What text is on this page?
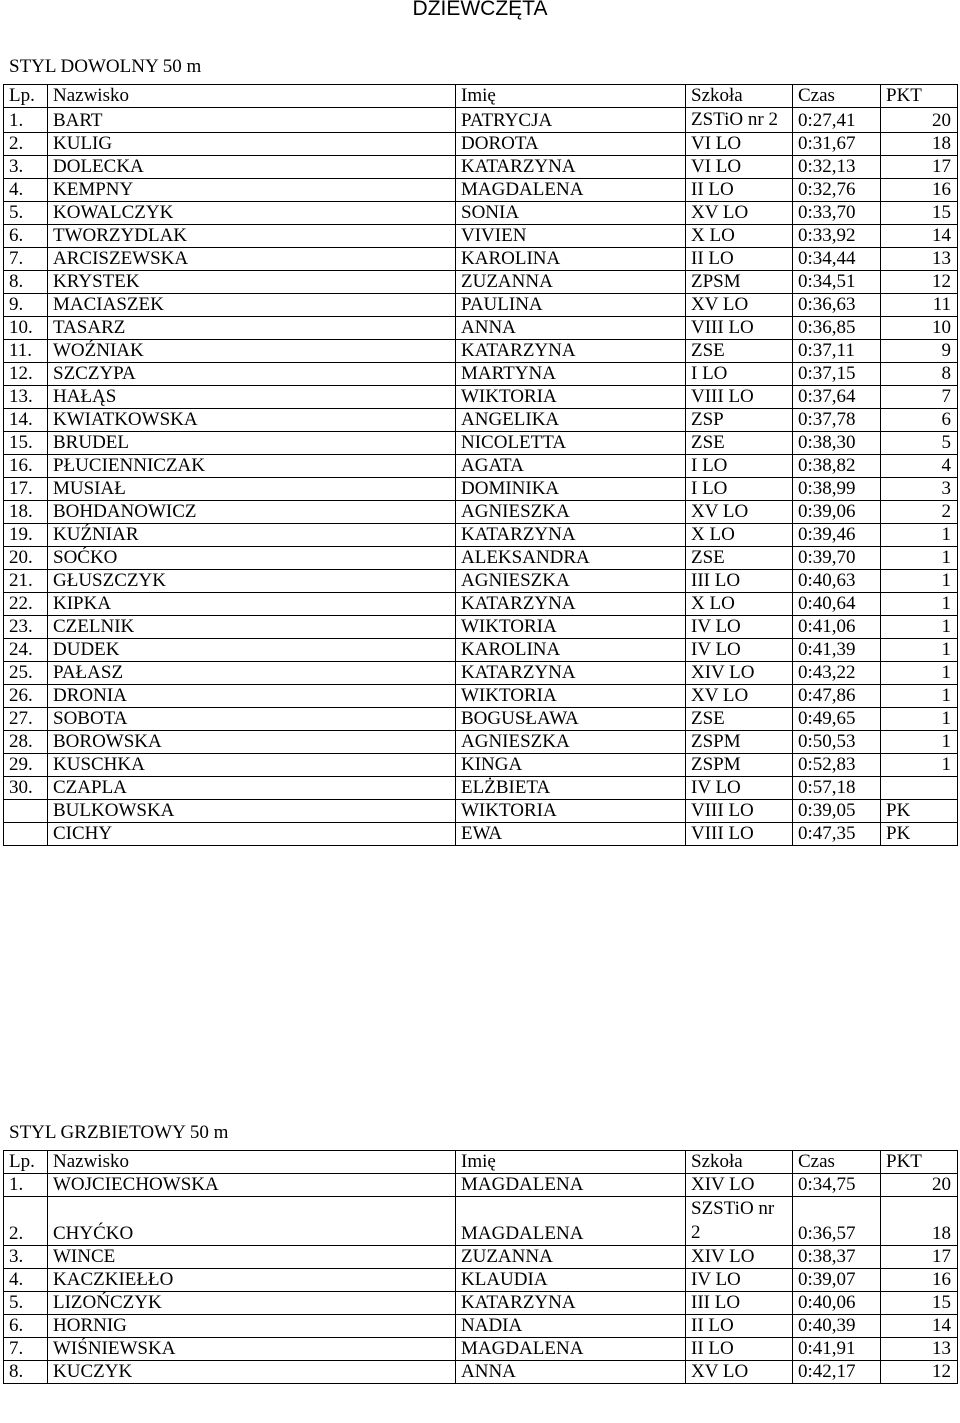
DZIEWCZĘTA
STYL DOWOLNY 50 m
Lp.	Nazwisko	Imię	Szkoła	Czas	PKT
1.	BART	PATRYCJA	ZSTiO nr 2	0:27,41	20
2.	KULIG	DOROTA	VI LO	0:31,67	18
3.	DOLECKA	KATARZYNA	VI LO	0:32,13	17
4.	KEMPNY	MAGDALENA	II LO	0:32,76	16
5.	KOWALCZYK	SONIA	XV LO	0:33,70	15
6.	TWORZYDLAK	VIVIEN	X LO	0:33,92	14
7.	ARCISZEWSKA	KAROLINA	II LO	0:34,44	13
8.	KRYSTEK	ZUZANNA	ZPSM	0:34,51	12
9.	MACIASZEK	PAULINA	XV LO	0:36,63	11
10.	TASARZ	ANNA	VIII LO	0:36,85	10
11.	WOŹNIAK	KATARZYNA	ZSE	0:37,11	9
12.	SZCZYPA	MARTYNA	I LO	0:37,15	8
13.	HAŁĄS	WIKTORIA	VIII LO	0:37,64	7
14.	KWIATKOWSKA	ANGELIKA	ZSP	0:37,78	6
15.	BRUDEL	NICOLETTA	ZSE	0:38,30	5
16.	PŁUCIENNICZAK	AGATA	I LO	0:38,82	4
17.	MUSIAŁ	DOMINIKA	I LO	0:38,99	3
18.	BOHDANOWICZ	AGNIESZKA	XV LO	0:39,06	2
19.	KUŹNIAR	KATARZYNA	X LO	0:39,46	1
20.	SOĆKO	ALEKSANDRA	ZSE	0:39,70	1
21.	GŁUSZCZYK	AGNIESZKA	III LO	0:40,63	1
22.	KIPKA	KATARZYNA	X LO	0:40,64	1
23.	CZELNIK	WIKTORIA	IV LO	0:41,06	1
24.	DUDEK	KAROLINA	IV LO	0:41,39	1
25.	PAŁASZ	KATARZYNA	XIV LO	0:43,22	1
26.	DRONIA	WIKTORIA	XV LO	0:47,86	1
27.	SOBOTA	BOGUSŁAWA	ZSE	0:49,65	1
28.	BOROWSKA	AGNIESZKA	ZSPM	0:50,53	1
29.	KUSCHKA	KINGA	ZSPM	0:52,83	1
30.	CZAPLA	ELŻBIETA	IV LO	0:57,18	
	BULKOWSKA	WIKTORIA	VIII LO	0:39,05	PK
	CICHY	EWA	VIII LO	0:47,35	PK
STYL GRZBIETOWY 50 m
Lp.	Nazwisko	Imię	Szkoła	Czas	PKT
1.	WOJCIECHOWSKA	MAGDALENA	XIV LO	0:34,75	20
2.	CHYĆKO	MAGDALENA	SZSTiO nr 2	0:36,57	18
3.	WINCE	ZUZANNA	XIV LO	0:38,37	17
4.	KACZKIEŁŁO	KLAUDIA	IV LO	0:39,07	16
5.	LIZOŃCZYK	KATARZYNA	III LO	0:40,06	15
6.	HORNIG	NADIA	II LO	0:40,39	14
7.	WIŚNIEWSKA	MAGDALENA	II LO	0:41,91	13
8.	KUCZYK	ANNA	XV LO	0:42,17	12
